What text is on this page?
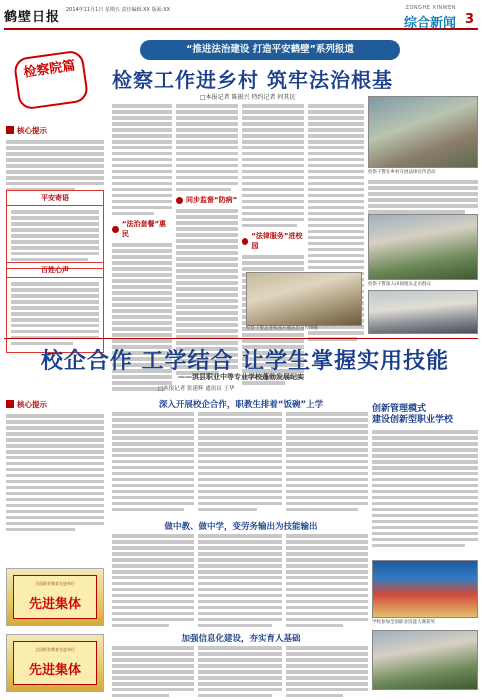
鹤壁日报 2014年11月1日 星期五 责任编辑:XX 版面:XX	ZONGHE XINWEN
综合新闻 3
“推进法治建设 打造平安鹤壁”系列报道
检察院篇
核心提示
平安寄语
百姓心声
检察工作进乡村 筑牢法治根基
□本报记者 陈振兴 特约记者 何其民
“法治套餐”惠民
同步监督“防病”
“法律服务”进校园
检察干警在乡村开展法律宣传活动
检察干警深入田间地头走访群众
检察干警走进校园开展法治宣传讲座
校企合作 工学结合 让学生掌握实用技能
——淇县职业中等专业学校蓬勃发展纪实
□本报记者 张建辉 通讯员 王华
核心提示
全国职业教育先进单位
先进集体
全国职业教育先进单位
先进集体
深入开展校企合作，职教生排着“饭碗”上学
做中教、做中学，变劳务输出为技能输出
加强信息化建设，夯实育人基础
创新管理模式
建设创新型职业学校
学校参加全国职业技能大赛获奖
